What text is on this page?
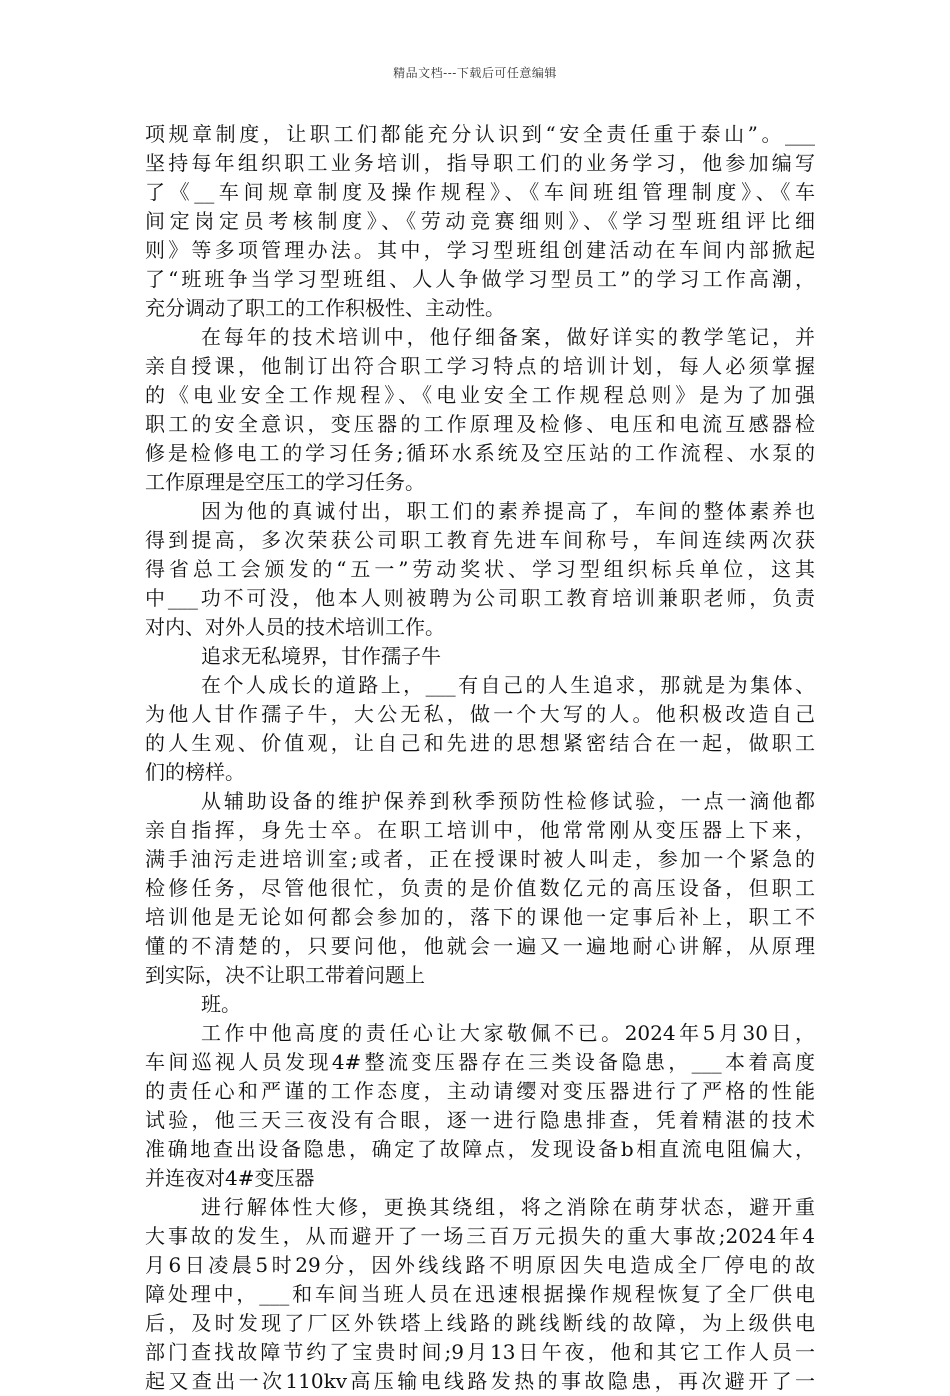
精品文档---下载后可任意编辑
项规章制度，让职工们都能充分认识到“安全责任重于泰山”。___
坚持每年组织职工业务培训，指导职工们的业务学习，他参加编写
了《__车间规章制度及操作规程》、《车间班组管理制度》、《车
间定岗定员考核制度》、《劳动竞赛细则》、《学习型班组评比细
则》等多项管理办法。其中，学习型班组创建活动在车间内部掀起
了“班班争当学习型班组、人人争做学习型员工”的学习工作高潮，
充分调动了职工的工作积极性、主动性。
在每年的技术培训中，他仔细备案，做好详实的教学笔记，并
亲自授课，他制订出符合职工学习特点的培训计划，每人必须掌握
的《电业安全工作规程》、《电业安全工作规程总则》是为了加强
职工的安全意识，变压器的工作原理及检修、电压和电流互感器检
修是检修电工的学习任务;循环水系统及空压站的工作流程、水泵的
工作原理是空压工的学习任务。
因为他的真诚付出，职工们的素养提高了，车间的整体素养也
得到提高，多次荣获公司职工教育先进车间称号，车间连续两次获
得省总工会颁发的“五一”劳动奖状、学习型组织标兵单位，这其
中___功不可没，他本人则被聘为公司职工教育培训兼职老师，负责
对内、对外人员的技术培训工作。
追求无私境界，甘作孺子牛
在个人成长的道路上，___有自己的人生追求，那就是为集体、
为他人甘作孺子牛，大公无私，做一个大写的人。他积极改造自己
的人生观、价值观，让自己和先进的思想紧密结合在一起，做职工
们的榜样。
从辅助设备的维护保养到秋季预防性检修试验，一点一滴他都
亲自指挥，身先士卒。在职工培训中，他常常刚从变压器上下来，
满手油污走进培训室;或者，正在授课时被人叫走，参加一个紧急的
检修任务，尽管他很忙，负责的是价值数亿元的高压设备，但职工
培训他是无论如何都会参加的，落下的课他一定事后补上，职工不
懂的不清楚的，只要问他，他就会一遍又一遍地耐心讲解，从原理
到实际，决不让职工带着问题上
班。
工作中他高度的责任心让大家敬佩不已。2024年5月30日，
车间巡视人员发现4#整流变压器存在三类设备隐患，___本着高度
的责任心和严谨的工作态度，主动请缨对变压器进行了严格的性能
试验，他三天三夜没有合眼，逐一进行隐患排查，凭着精湛的技术
准确地查出设备隐患，确定了故障点，发现设备b相直流电阻偏大，
并连夜对4#变压器
进行解体性大修，更换其绕组，将之消除在萌芽状态，避开重
大事故的发生，从而避开了一场三百万元损失的重大事故;2024年4
月6日凌晨5时29分，因外线线路不明原因失电造成全厂停电的故
障处理中，___和车间当班人员在迅速根据操作规程恢复了全厂供电
后，及时发现了厂区外铁塔上线路的跳线断线的故障，为上级供电
部门查找故障节约了宝贵时间;9月13日午夜，他和其它工作人员一
起又查出一次110kv高压输电线路发热的事故隐患，再次避开了一
